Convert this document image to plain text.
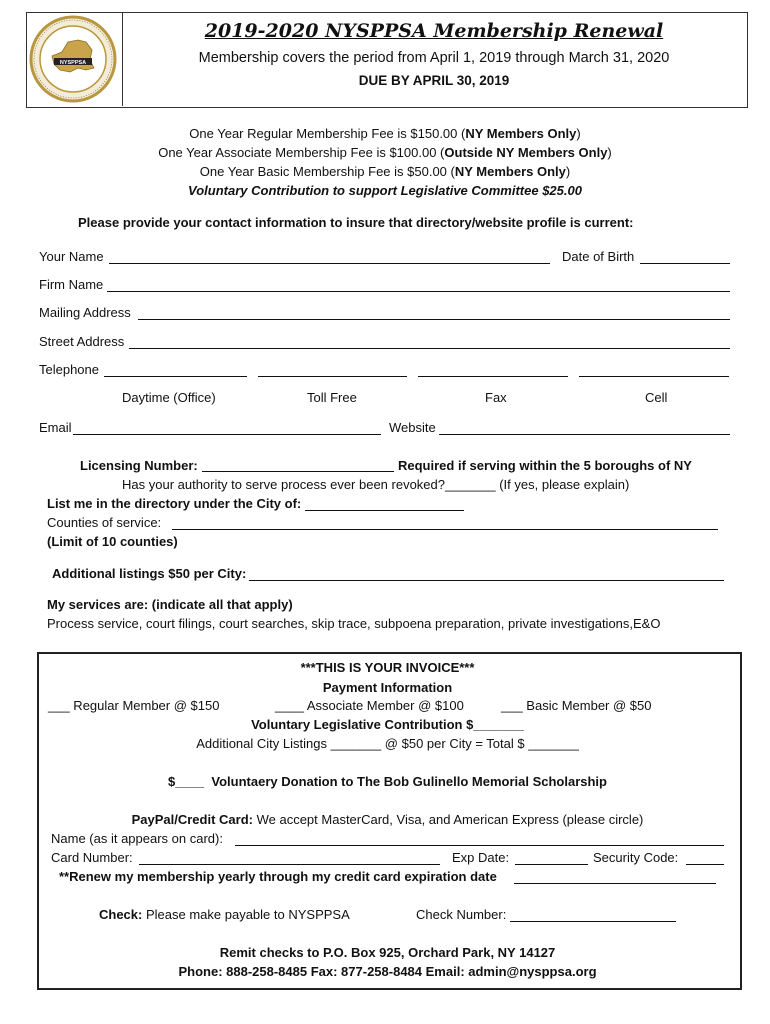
NYSPPSA
2019-2020 NYSPPSA Membership Renewal
Membership covers the period from April 1, 2019 through March 31, 2020
DUE BY APRIL 30, 2019
One Year Regular Membership Fee is $150.00 (NY Members Only)
One Year Associate Membership Fee is $100.00 (Outside NY Members Only)
One Year Basic Membership Fee is $50.00 (NY Members Only)
Voluntary Contribution to support Legislative Committee $25.00
Please provide your contact information to insure that directory/website profile is current:
Your Name	Date of Birth
Firm Name
Mailing Address
Street Address
Telephone
Daytime (Office)	Toll Free	Fax	Cell
Email	Website
Licensing Number:	Required if serving within the 5 boroughs of NY
Has your authority to serve process ever been revoked?_______ (If yes, please explain)
List me in the directory under the City of:
Counties of service:
(Limit of 10 counties)
Additional listings $50 per City:
My services are: (indicate all that apply)
Process service, court filings, court searches, skip trace, subpoena preparation, private investigations,E&O
***THIS IS YOUR INVOICE***
Payment Information
___ Regular Member @ $150	____ Associate Member @ $100	___ Basic Member @ $50
Voluntary Legislative Contribution $_______
Additional City Listings _______ @ $50 per City = Total $ _______
$____ Voluntaery Donation to The Bob Gulinello Memorial Scholarship
PayPal/Credit Card: We accept MasterCard, Visa, and American Express (please circle)
Name (as it appears on card):
Card Number:	Exp Date:	Security Code:
**Renew my membership yearly through my credit card expiration date
Check: Please make payable to NYSPPSA	Check Number:
Remit checks to P.O. Box 925, Orchard Park, NY 14127
Phone: 888-258-8485 Fax: 877-258-8484 Email: admin@nysppsa.org
